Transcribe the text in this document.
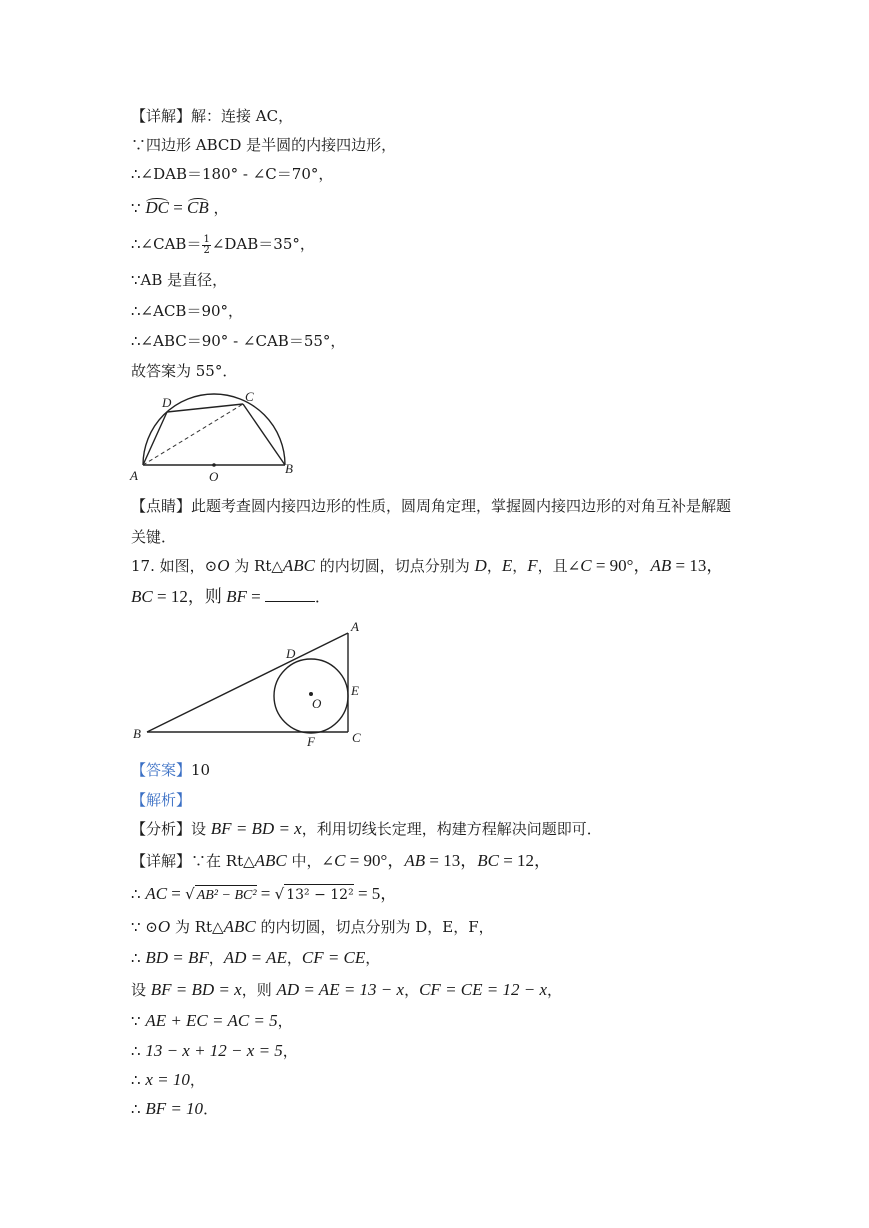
【详解】解：连接 AC，
∵四边形 ABCD 是半圆的内接四边形，
∴∠DAB＝180° - ∠C＝70°，
∵ DC = CB ，
∴∠CAB＝ $\frac{1}{2}$ ∠DAB＝35°，
∵AB 是直径，
∴∠ACB＝90°，
∴∠ABC＝90° - ∠CAB＝55°，
故答案为 55°．
D	C
A	O
B
【点睛】此题考查圆内接四边形的性质，圆周角定理，掌握圆内接四边形的对角互补是解题
关键．
17. 如图，⊙O 为 Rt△ABC 的内切圆，切点分别为 D，E，F，且∠C = 90°，AB = 13，
BC = 12，则 BF =	．
A
D
E
O
B
F	C
【答案】10
【解析】
【分析】设 BF = BD = x，利用切线长定理，构建方程解决问题即可．
【详解】∵在 Rt△ABC 中，∠C = 90°，AB = 13，BC = 12，
∴ AC = √ AB² − BC² = √ 13² − 12² = 5，
∵ ⊙O 为 Rt△ABC 的内切圆，切点分别为 D，E，F，
∴ BD = BF，AD = AE，CF = CE，
设 BF = BD = x，则 AD = AE = 13 − x，CF = CE = 12 − x，
∵ AE + EC = AC = 5，
∴ 13 − x + 12 − x = 5，
∴ x = 10，
∴ BF = 10．
